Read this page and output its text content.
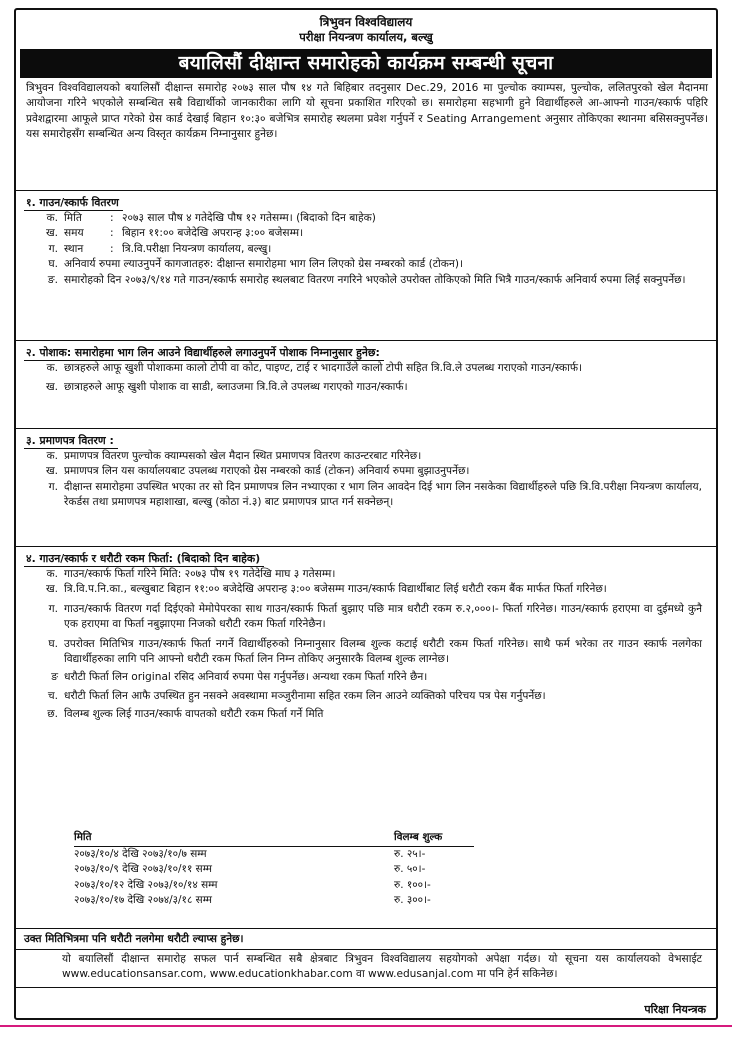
त्रिभुवन विश्वविद्यालय
परीक्षा नियन्त्रण कार्यालय, बल्खु
बयालिसौं दीक्षान्त समारोहको कार्यक्रम सम्बन्धी सूचना
त्रिभुवन विश्वविद्यालयको बयालिसौं दीक्षान्त समारोह २०७३ साल पौष १४ गते बिहिबार तदनुसार Dec.29, 2016 मा पुल्चोक क्याम्पस, पुल्चोक, ललितपुरको खेल मैदानमा आयोजना गरिने भएकोले सम्बन्धित सबै विद्यार्थीको जानकारीका लागि यो सूचना प्रकाशित गरिएको छ। समारोहमा सहभागी हुने विद्यार्थीहरुले आ-आफ्नो गाउन/स्कार्फ पहिरि प्रवेशद्वारमा आफूले प्राप्त गरेको ग्रेस कार्ड देखाई बिहान १०:३० बजेभित्र समारोह स्थलमा प्रवेश गर्नुपर्ने र Seating Arrangement अनुसार तोकिएका स्थानमा बसिसक्नुपर्नेछ। यस समारोहसँग सम्बन्धित अन्य विस्तृत कार्यक्रम निम्नानुसार हुनेछ।
१. गाउन/स्कार्फ वितरण
क. मिति	: २०७३ साल पौष ४ गतेदेखि पौष १२ गतेसम्म। (बिदाको दिन बाहेक)
ख. समय	: बिहान ११:०० बजेदेखि अपरान्ह ३:०० बजेसम्म।
ग. स्थान	: त्रि.वि.परीक्षा नियन्त्रण कार्यालय, बल्खु।
घ. अनिवार्य रुपमा ल्याउनुपर्ने कागजातहरु: दीक्षान्त समारोहमा भाग लिन लिएको ग्रेस नम्बरको कार्ड (टोकन)।
ङ. समारोहको दिन २०७३/९/१४ गते गाउन/स्कार्फ समारोह स्थलबाट वितरण नगरिने भएकोले उपरोक्त तोकिएको मिति भित्रै गाउन/स्कार्फ अनिवार्य रुपमा लिई सक्नुपर्नेछ।
२. पोशाक: समारोहमा भाग लिन आउने विद्यार्थीहरुले लगाउनुपर्ने पोशाक निम्नानुसार हुनेछ:
क. छात्रहरुले आफू खुशी पोशाकमा कालो टोपी वा कोट, पाइण्ट, टाई र भादगाउँले कालो टोपी सहित त्रि.वि.ले उपलब्ध गराएको गाउन/स्कार्फ।
ख. छात्राहरुले आफू खुशी पोशाक वा साडी, ब्लाउजमा त्रि.वि.ले उपलब्ध गराएको गाउन/स्कार्फ।
३. प्रमाणपत्र वितरण :
क. प्रमाणपत्र वितरण पुल्चोक क्याम्पसको खेल मैदान स्थित प्रमाणपत्र वितरण काउन्टरबाट गरिनेछ।
ख. प्रमाणपत्र लिन यस कार्यालयबाट उपलब्ध गराएको ग्रेस नम्बरको कार्ड (टोकन) अनिवार्य रुपमा बुझाउनुपर्नेछ।
ग. दीक्षान्त समारोहमा उपस्थित भएका तर सो दिन प्रमाणपत्र लिन नभ्याएका र भाग लिन आवदेन दिई भाग लिन नसकेका विद्यार्थीहरुले पछि त्रि.वि.परीक्षा नियन्त्रण कार्यालय, रेकर्डस तथा प्रमाणपत्र महाशाखा, बल्खु (कोठा नं.३) बाट प्रमाणपत्र प्राप्त गर्न सक्नेछन्।
४. गाउन/स्कार्फ र धरौटी रकम फिर्ता: (बिदाको दिन बाहेक)
क. गाउन/स्कार्फ फिर्ता गरिने मिति: २०७३ पौष १९ गतेदेखि माघ ३ गतेसम्म।
ख. त्रि.वि.प.नि.का., बल्खुबाट बिहान ११:०० बजेदेखि अपरान्ह ३:०० बजेसम्म गाउन/स्कार्फ विद्यार्थीबाट लिई धरौटी रकम बैंक मार्फत फिर्ता गरिनेछ।
ग. गाउन/स्कार्फ वितरण गर्दा दिईएको मेमोपेपरका साथ गाउन/स्कार्फ फिर्ता बुझाए पछि मात्र धरौटी रकम रु.२,०००।- फिर्ता गरिनेछ। गाउन/स्कार्फ हराएमा वा दुईमध्ये कुनै एक हराएमा वा फिर्ता नबुझाएमा निजको धरौटी रकम फिर्ता गरिनेछैन।
घ. उपरोक्त मितिभित्र गाउन/स्कार्फ फिर्ता नगर्ने विद्यार्थीहरुको निम्नानुसार विलम्ब शुल्क कटाई धरौटी रकम फिर्ता गरिनेछ। साथै फर्म भरेका तर गाउन स्कार्फ नलगेका विद्यार्थीहरुका लागि पनि आफ्नो धरौटी रकम फिर्ता लिन निम्न तोकिए अनुसारकै विलम्ब शुल्क लाग्नेछ।
ङ धरौटी फिर्ता लिन original रसिद अनिवार्य रुपमा पेस गर्नुपर्नेछ। अन्यथा रकम फिर्ता गरिने छैन।
च. धरौटी फिर्ता लिन आफै उपस्थित हुन नसक्ने अवस्थामा मञ्जुरीनामा सहित रकम लिन आउने व्यक्तिको परिचय पत्र पेस गर्नुपर्नेछ।
छ. विलम्ब शुल्क लिई गाउन/स्कार्फ वापतको धरौटी रकम फिर्ता गर्ने मिति
मिति	विलम्ब शुल्क
२०७३/१०/४ देखि २०७३/१०/७ सम्म	रु. २५।-
२०७३/१०/९ देखि २०७३/१०/११ सम्म	रु. ५०।-
२०७३/१०/१२ देखि २०७३/१०/१४ सम्म	रु. १००।-
२०७३/१०/१७ देखि २०७४/३/१८ सम्म	रु. ३००।-
उक्त मितिभित्रमा पनि धरौटी नलगेमा धरौटी ल्याप्स हुनेछ।
यो बयालिसौं दीक्षान्त समारोह सफल पार्न सम्बन्धित सबै क्षेत्रबाट त्रिभुवन विश्वविद्यालय सहयोगको अपेक्षा गर्दछ। यो सूचना यस कार्यालयको वेभसाईट www.educationsansar.com, www.educationkhabar.com वा www.edusanjal.com मा पनि हेर्न सकिनेछ।
परिक्षा नियन्त्रक
